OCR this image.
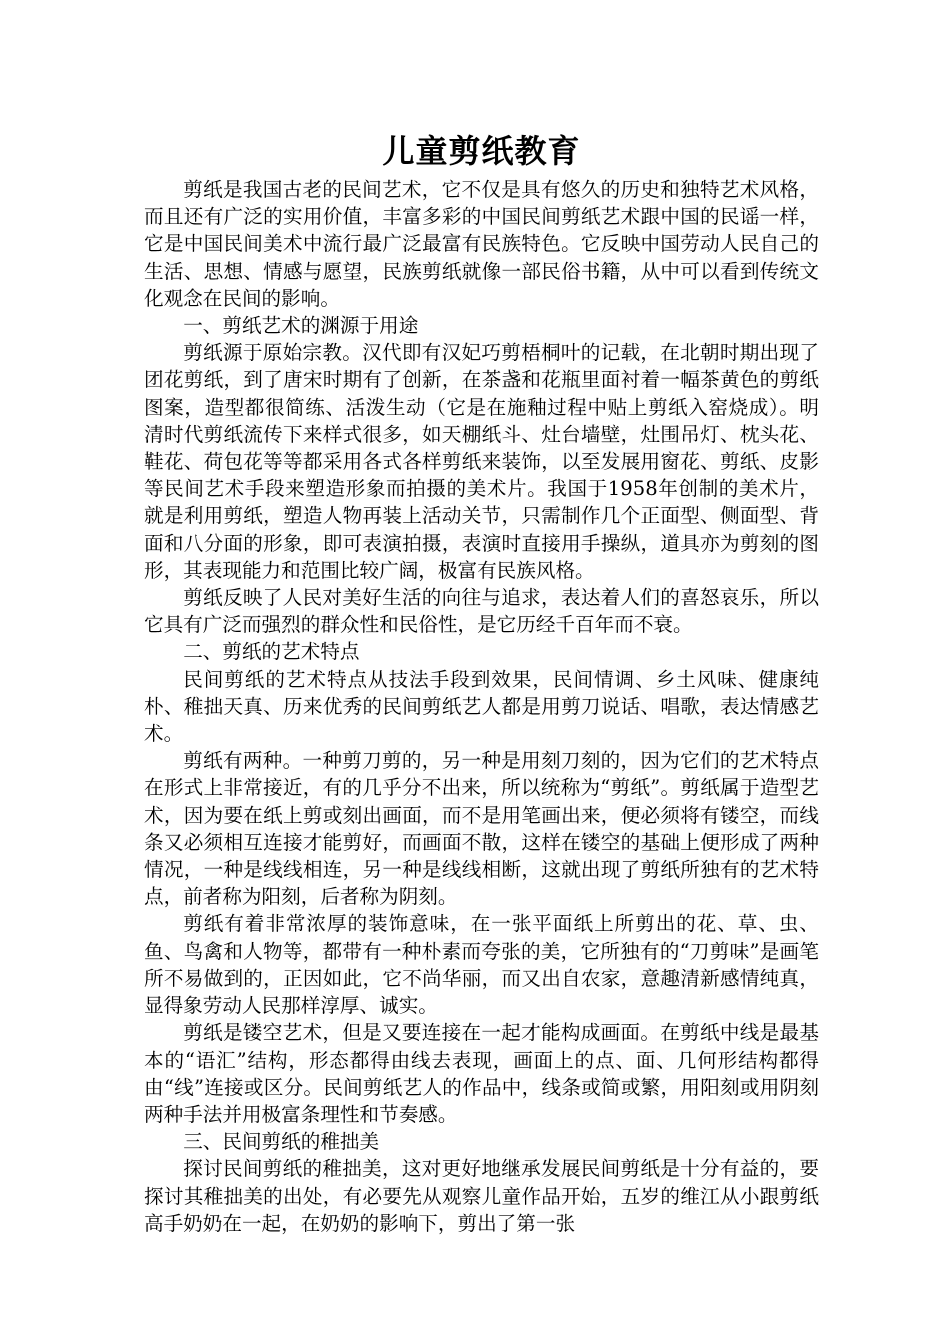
儿童剪纸教育

剪纸是我国古老的民间艺术，它不仅是具有悠久的历史和独特艺术风格，而且还有广泛的实用价值，丰富多彩的中国民间剪纸艺术跟中国的民谣一样，它是中国民间美术中流行最广泛最富有民族特色。它反映中国劳动人民自己的生活、思想、情感与愿望，民族剪纸就像一部民俗书籍，从中可以看到传统文化观念在民间的影响。

一、剪纸艺术的渊源于用途

剪纸源于原始宗教。汉代即有汉妃巧剪梧桐叶的记载，在北朝时期出现了团花剪纸，到了唐宋时期有了创新，在茶盏和花瓶里面衬着一幅茶黄色的剪纸图案，造型都很简练、活泼生动（它是在施釉过程中贴上剪纸入窑烧成）。明清时代剪纸流传下来样式很多，如天棚纸斗、灶台墙壁，灶围吊灯、枕头花、鞋花、荷包花等等都采用各式各样剪纸来装饰，以至发展用窗花、剪纸、皮影等民间艺术手段来塑造形象而拍摄的美术片。我国于1958年创制的美术片，就是利用剪纸，塑造人物再装上活动关节，只需制作几个正面型、侧面型、背面和八分面的形象，即可表演拍摄，表演时直接用手操纵，道具亦为剪刻的图形，其表现能力和范围比较广阔，极富有民族风格。

剪纸反映了人民对美好生活的向往与追求，表达着人们的喜怒哀乐，所以它具有广泛而强烈的群众性和民俗性，是它历经千百年而不衰。

二、剪纸的艺术特点

民间剪纸的艺术特点从技法手段到效果，民间情调、乡土风味、健康纯朴、稚拙天真、历来优秀的民间剪纸艺人都是用剪刀说话、唱歌，表达情感艺术。

剪纸有两种。一种剪刀剪的，另一种是用刻刀刻的，因为它们的艺术特点在形式上非常接近，有的几乎分不出来，所以统称为“剪纸”。剪纸属于造型艺术，因为要在纸上剪或刻出画面，而不是用笔画出来，便必须将有镂空，而线条又必须相互连接才能剪好，而画面不散，这样在镂空的基础上便形成了两种情况，一种是线线相连，另一种是线线相断，这就出现了剪纸所独有的艺术特点，前者称为阳刻，后者称为阴刻。

剪纸有着非常浓厚的装饰意味，在一张平面纸上所剪出的花、草、虫、鱼、鸟禽和人物等，都带有一种朴素而夸张的美，它所独有的“刀剪味”是画笔所不易做到的，正因如此，它不尚华丽，而又出自农家，意趣清新感情纯真，显得象劳动人民那样淳厚、诚实。

剪纸是镂空艺术，但是又要连接在一起才能构成画面。在剪纸中线是最基本的“语汇”结构，形态都得由线去表现，画面上的点、面、几何形结构都得由“线”连接或区分。民间剪纸艺人的作品中，线条或简或繁，用阳刻或用阴刻两种手法并用极富条理性和节奏感。

三、民间剪纸的稚拙美

探讨民间剪纸的稚拙美，这对更好地继承发展民间剪纸是十分有益的，要探讨其稚拙美的出处，有必要先从观察儿童作品开始，五岁的维江从小跟剪纸高手奶奶在一起，在奶奶的影响下，剪出了第一张
